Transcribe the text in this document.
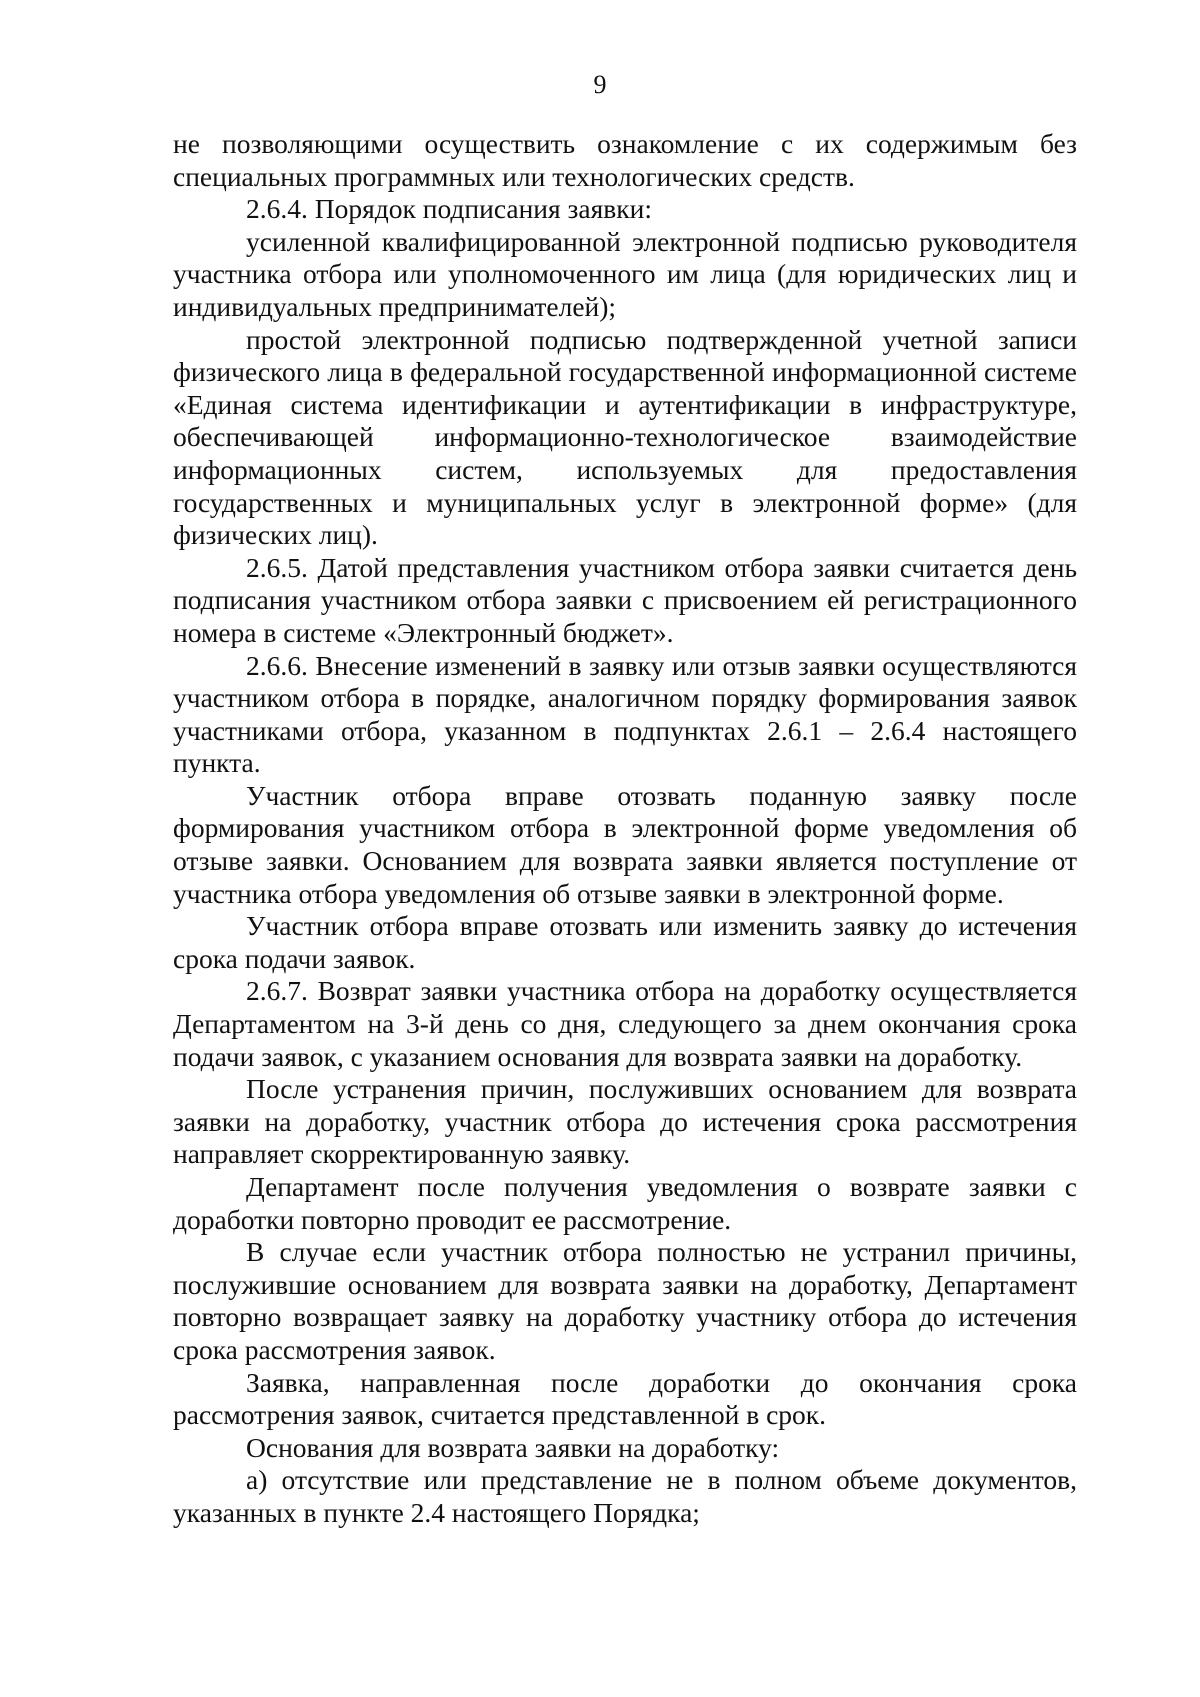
9

не позволяющими осуществить ознакомление с их содержимым без специальных программных или технологических средств.

2.6.4. Порядок подписания заявки:

усиленной квалифицированной электронной подписью руководителя участника отбора или уполномоченного им лица (для юридических лиц и индивидуальных предпринимателей);

простой электронной подписью подтвержденной учетной записи физического лица в федеральной государственной информационной системе «Единая система идентификации и аутентификации в инфраструктуре, обеспечивающей информационно-технологическое взаимодействие информационных систем, используемых для предоставления государственных и муниципальных услуг в электронной форме» (для физических лиц).

2.6.5. Датой представления участником отбора заявки считается день подписания участником отбора заявки с присвоением ей регистрационного номера в системе «Электронный бюджет».

2.6.6. Внесение изменений в заявку или отзыв заявки осуществляются участником отбора в порядке, аналогичном порядку формирования заявок участниками отбора, указанном в подпунктах 2.6.1 – 2.6.4 настоящего пункта.

Участник отбора вправе отозвать поданную заявку после формирования участником отбора в электронной форме уведомления об отзыве заявки. Основанием для возврата заявки является поступление от участника отбора уведомления об отзыве заявки в электронной форме.

Участник отбора вправе отозвать или изменить заявку до истечения срока подачи заявок.

2.6.7. Возврат заявки участника отбора на доработку осуществляется Департаментом на 3-й день со дня, следующего за днем окончания срока подачи заявок, с указанием основания для возврата заявки на доработку.

После устранения причин, послуживших основанием для возврата заявки на доработку, участник отбора до истечения срока рассмотрения направляет скорректированную заявку.

Департамент после получения уведомления о возврате заявки с доработки повторно проводит ее рассмотрение.

В случае если участник отбора полностью не устранил причины, послужившие основанием для возврата заявки на доработку, Департамент повторно возвращает заявку на доработку участнику отбора до истечения срока рассмотрения заявок.

Заявка, направленная после доработки до окончания срока рассмотрения заявок, считается представленной в срок.

Основания для возврата заявки на доработку:

а) отсутствие или представление не в полном объеме документов, указанных в пункте 2.4 настоящего Порядка;
